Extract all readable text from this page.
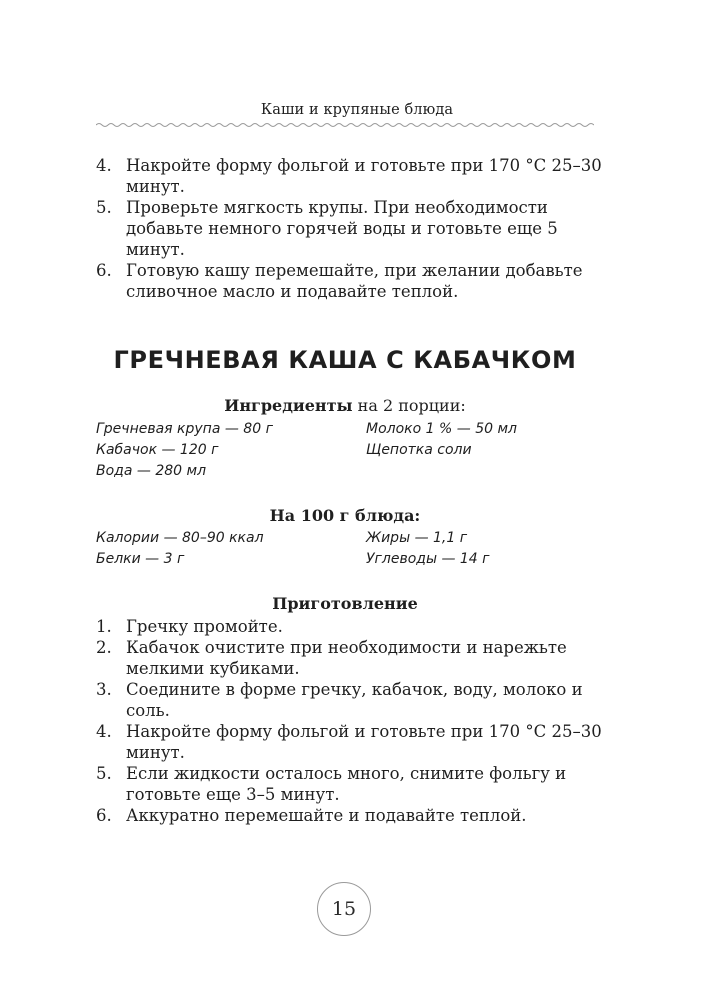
Каши и крупяные блюда
4. Накройте форму фольгой и готовьте при 170 °С 25–30 минут.
5. Проверьте мягкость крупы. При необходимости добавьте немного горячей воды и готовьте еще 5 минут.
6. Готовую кашу перемешайте, при желании добавьте сливочное масло и подавайте теплой.
ГРЕЧНЕВАЯ КАША С КАБАЧКОМ
Ингредиенты на 2 порции:
Гречневая крупа — 80 г
Кабачок — 120 г
Вода — 280 мл
Молоко 1 % — 50 мл
Щепотка соли
На 100 г блюда:
Калории — 80–90 ккал
Белки — 3 г
Жиры — 1,1 г
Углеводы — 14 г
Приготовление
1. Гречку промойте.
2. Кабачок очистите при необходимости и нарежьте мелкими кубиками.
3. Соедините в форме гречку, кабачок, воду, молоко и соль.
4. Накройте форму фольгой и готовьте при 170 °С 25–30 минут.
5. Если жидкости осталось много, снимите фольгу и готовьте еще 3–5 минут.
6. Аккуратно перемешайте и подавайте теплой.
15
